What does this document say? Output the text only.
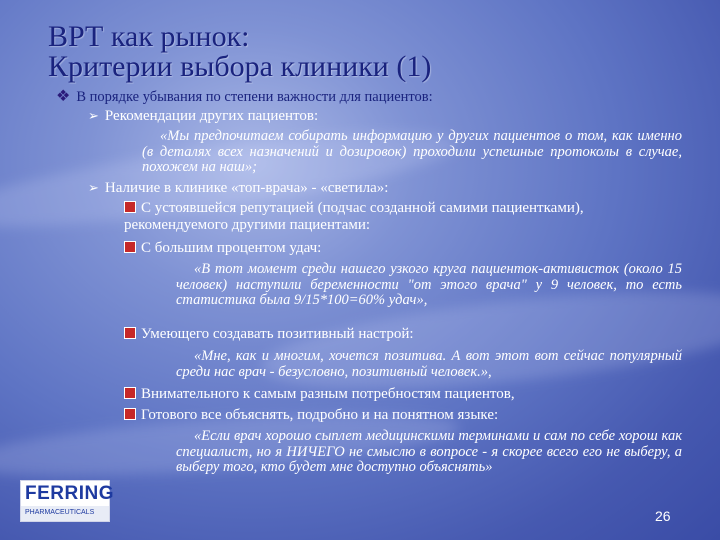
ВРТ как рынок:
Критерии выбора клиники (1)
❖ В порядке убывания по степени важности для пациентов:
➢ Рекомендации других пациентов:
«Мы предпочитаем собирать информацию у других пациентов о том, как именно (в деталях всех назначений и дозировок) проходили успешные протоколы в случае, похожем на наш»;
➢ Наличие в клинике «топ-врача» - «светила»:
С устоявшейся репутацией (подчас созданной самими пациентками), рекомендуемого другими пациентами:
С большим процентом удач:
«В тот момент среди нашего узкого круга пациенток-активисток (около 15 человек) наступили беременности "от этого врача" у 9 человек, то есть статистика была 9/15*100=60% удач»,
Умеющего создавать позитивный настрой:
«Мне, как и многим, хочется позитива. А вот этот вот сейчас популярный среди нас врач - безусловно, позитивный человек.»,
Внимательного к самым разным потребностям пациентов,
Готового все объяснять, подробно и на понятном языке:
«Если врач хорошо сыплет медицинскими терминами и сам по себе хорош как специалист, но я НИЧЕГО не смыслю в вопросе - я скорее всего его не выберу, а выберу того, кто будет мне доступно объяснять»
FERRING
PHARMACEUTICALS	26
